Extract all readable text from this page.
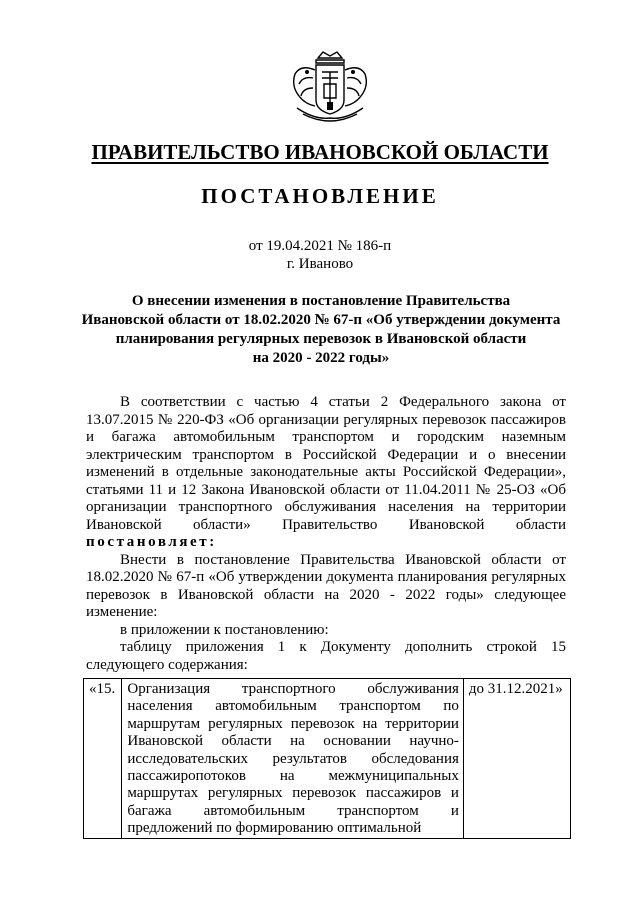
ПРАВИТЕЛЬСТВО ИВАНОВСКОЙ ОБЛАСТИ
ПОСТАНОВЛЕНИЕ
от 19.04.2021 № 186-п
г. Иваново
О внесении изменения в постановление Правительства
Ивановской области от 18.02.2020 № 67-п «Об утверждении документа
планирования регулярных перевозок в Ивановской области
на 2020 - 2022 годы»

В соответствии с частью 4 статьи 2 Федерального закона от 13.07.2015 № 220-ФЗ «Об организации регулярных перевозок пассажиров и багажа автомобильным транспортом и городским наземным электрическим транспортом в Российской Федерации и о внесении изменений в отдельные законодательные акты Российской Федерации», статьями 11 и 12 Закона Ивановской области от 11.04.2011 № 25-ОЗ «Об организации транспортного обслуживания населения на территории Ивановской области» Правительство Ивановской области

постановляет:

Внести в постановление Правительства Ивановской области от 18.02.2020 № 67-п «Об утверждении документа планирования регулярных перевозок в Ивановской области на 2020 - 2022 годы» следующее изменение:

в приложении к постановлению:

таблицу приложения 1 к Документу дополнить строкой 15 следующего содержания:

«15.	Организация транспортного обслуживания населения автомобильным транспортом по маршрутам регулярных перевозок на территории Ивановской области на основании научно-исследовательских результатов обследования пассажиропотоков на межмуниципальных маршрутах регулярных перевозок пассажиров и багажа автомобильным транспортом и предложений по формированию оптимальной	до 31.12.2021»
